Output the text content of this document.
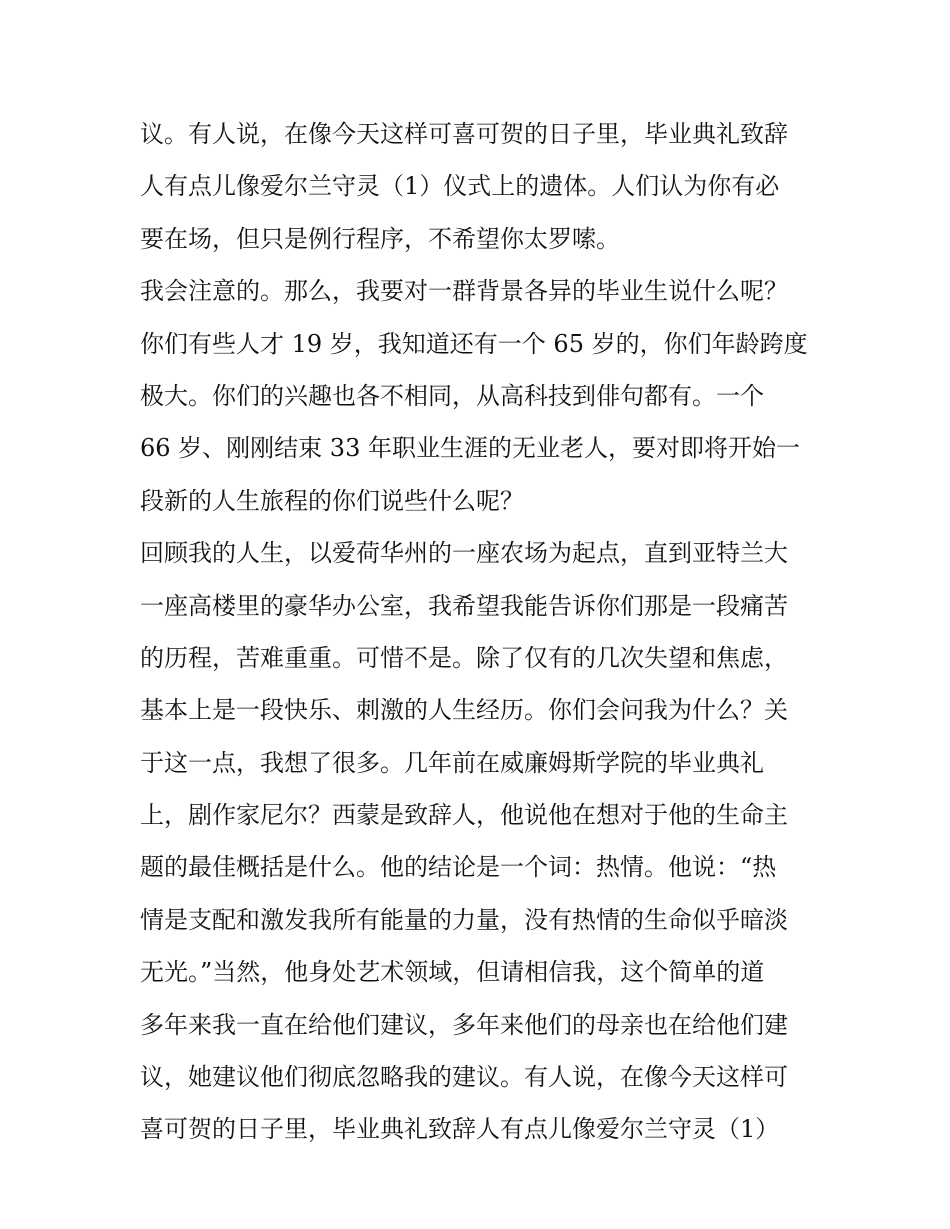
议。有人说，在像今天这样可喜可贺的日子里，毕业典礼致辞
人有点儿像爱尔兰守灵（1）仪式上的遗体。人们认为你有必
要在场，但只是例行程序，不希望你太罗嗦。
我会注意的。那么，我要对一群背景各异的毕业生说什么呢？
你们有些人才 19 岁，我知道还有一个 65 岁的，你们年龄跨度
极大。你们的兴趣也各不相同，从高科技到俳句都有。一个
66 岁、刚刚结束 33 年职业生涯的无业老人，要对即将开始一
段新的人生旅程的你们说些什么呢？
回顾我的人生，以爱荷华州的一座农场为起点，直到亚特兰大
一座高楼里的豪华办公室，我希望我能告诉你们那是一段痛苦
的历程，苦难重重。可惜不是。除了仅有的几次失望和焦虑，
基本上是一段快乐、刺激的人生经历。你们会问我为什么？关
于这一点，我想了很多。几年前在威廉姆斯学院的毕业典礼
上，剧作家尼尔？西蒙是致辞人，他说他在想对于他的生命主
题的最佳概括是什么。他的结论是一个词：热情。他说：“热
情是支配和激发我所有能量的力量，没有热情的生命似乎暗淡
无光。”当然，他身处艺术领域，但请相信我，这个简单的道
多年来我一直在给他们建议，多年来他们的母亲也在给他们建
议，她建议他们彻底忽略我的建议。有人说，在像今天这样可
喜可贺的日子里，毕业典礼致辞人有点儿像爱尔兰守灵（1）
